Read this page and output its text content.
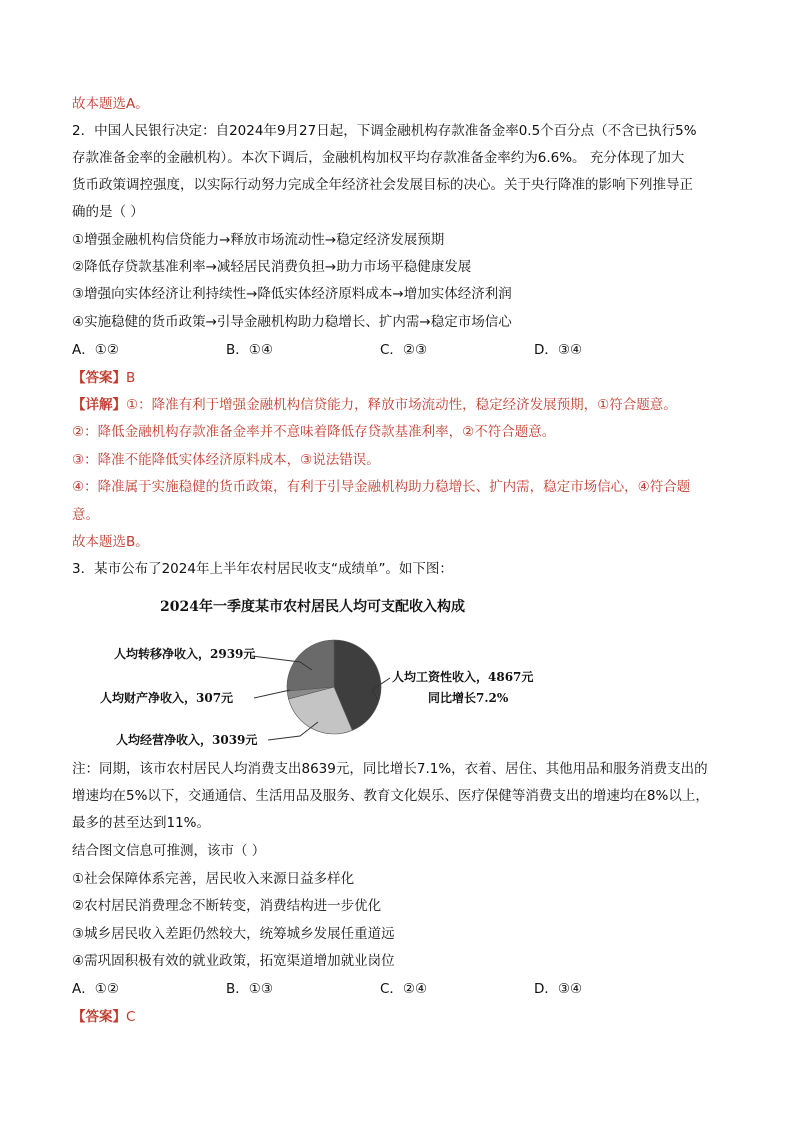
故本题选A。
2．中国人民银行决定：自2024年9月27日起，下调金融机构存款准备金率0.5个百分点（不含已执行5%
存款准备金率的金融机构）。本次下调后，金融机构加权平均存款准备金率约为6.6%。 充分体现了加大
货币政策调控强度，以实际行动努力完成全年经济社会发展目标的决心。关于央行降准的影响下列推导正
确的是（ ）
①增强金融机构信贷能力→释放市场流动性→稳定经济发展预期
②降低存贷款基准利率→减轻居民消费负担→助力市场平稳健康发展
③增强向实体经济让利持续性→降低实体经济原料成本→增加实体经济利润
④实施稳健的货币政策→引导金融机构助力稳增长、扩内需→稳定市场信心
A．①②	B．①④	C．②③	D．③④
【答案】B
【详解】①：降准有利于增强金融机构信贷能力，释放市场流动性，稳定经济发展预期，①符合题意。
②：降低金融机构存款准备金率并不意味着降低存贷款基准利率，②不符合题意。
③：降准不能降低实体经济原料成本，③说法错误。
④：降准属于实施稳健的货币政策，有利于引导金融机构助力稳增长、扩内需，稳定市场信心，④符合题
意。
故本题选B。
3．某市公布了2024年上半年农村居民收支“成绩单”。如下图：
2024年一季度某市农村居民人均可支配收入构成
人均转移净收入，2939元
人均财产净收入，307元
人均经营净收入，3039元
人均工资性收入，4867元
同比增长7.2%
注：同期，该市农村居民人均消费支出8639元，同比增长7.1%，衣着、居住、其他用品和服务消费支出的
增速均在5%以下，交通通信、生活用品及服务、教育文化娱乐、医疗保健等消费支出的增速均在8%以上，
最多的甚至达到11%。
结合图文信息可推测，该市（ ）
①社会保障体系完善，居民收入来源日益多样化
②农村居民消费理念不断转变，消费结构进一步优化
③城乡居民收入差距仍然较大，统筹城乡发展任重道远
④需巩固积极有效的就业政策，拓宽渠道增加就业岗位
A．①②	B．①③	C．②④	D．③④
【答案】C
